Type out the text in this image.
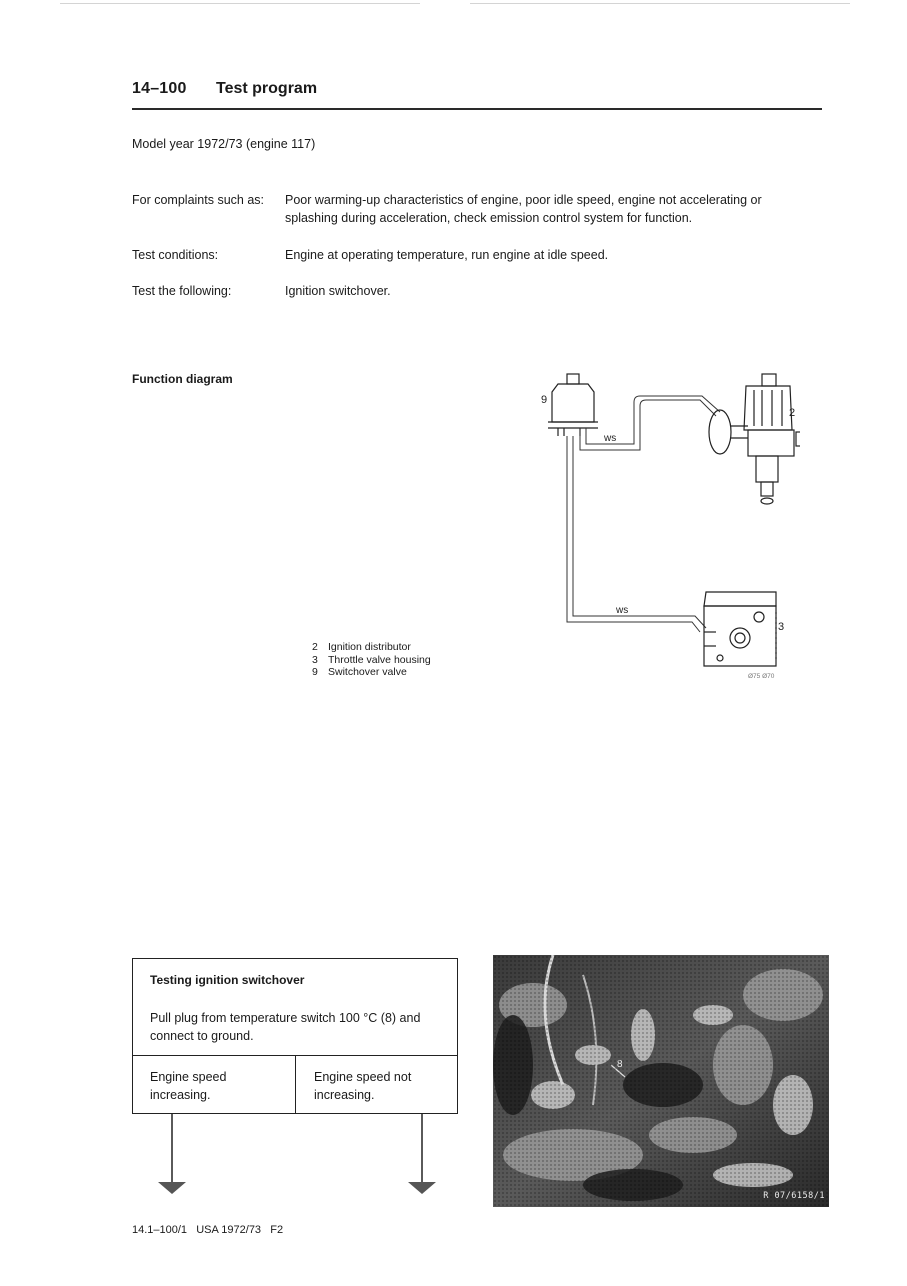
14–100 Test program
Model year 1972/73 (engine 117)
For complaints such as:	Poor warming-up characteristics of engine, poor idle speed, engine not accelerating or splashing during acceleration, check emission control system for function.
Test conditions:	Engine at operating temperature, run engine at idle speed.
Test the following:	Ignition switchover.
Function diagram
9
2
3
ws
ws
Ø75 Ø70
2 Ignition distributor
3 Throttle valve housing
9 Switchover valve
Testing ignition switchover
Pull plug from temperature switch 100 °C (8) and connect to ground.
Engine speed increasing.
Engine speed not increasing.
R 07/6158/1
14.1–100/1   USA 1972/73   F2
